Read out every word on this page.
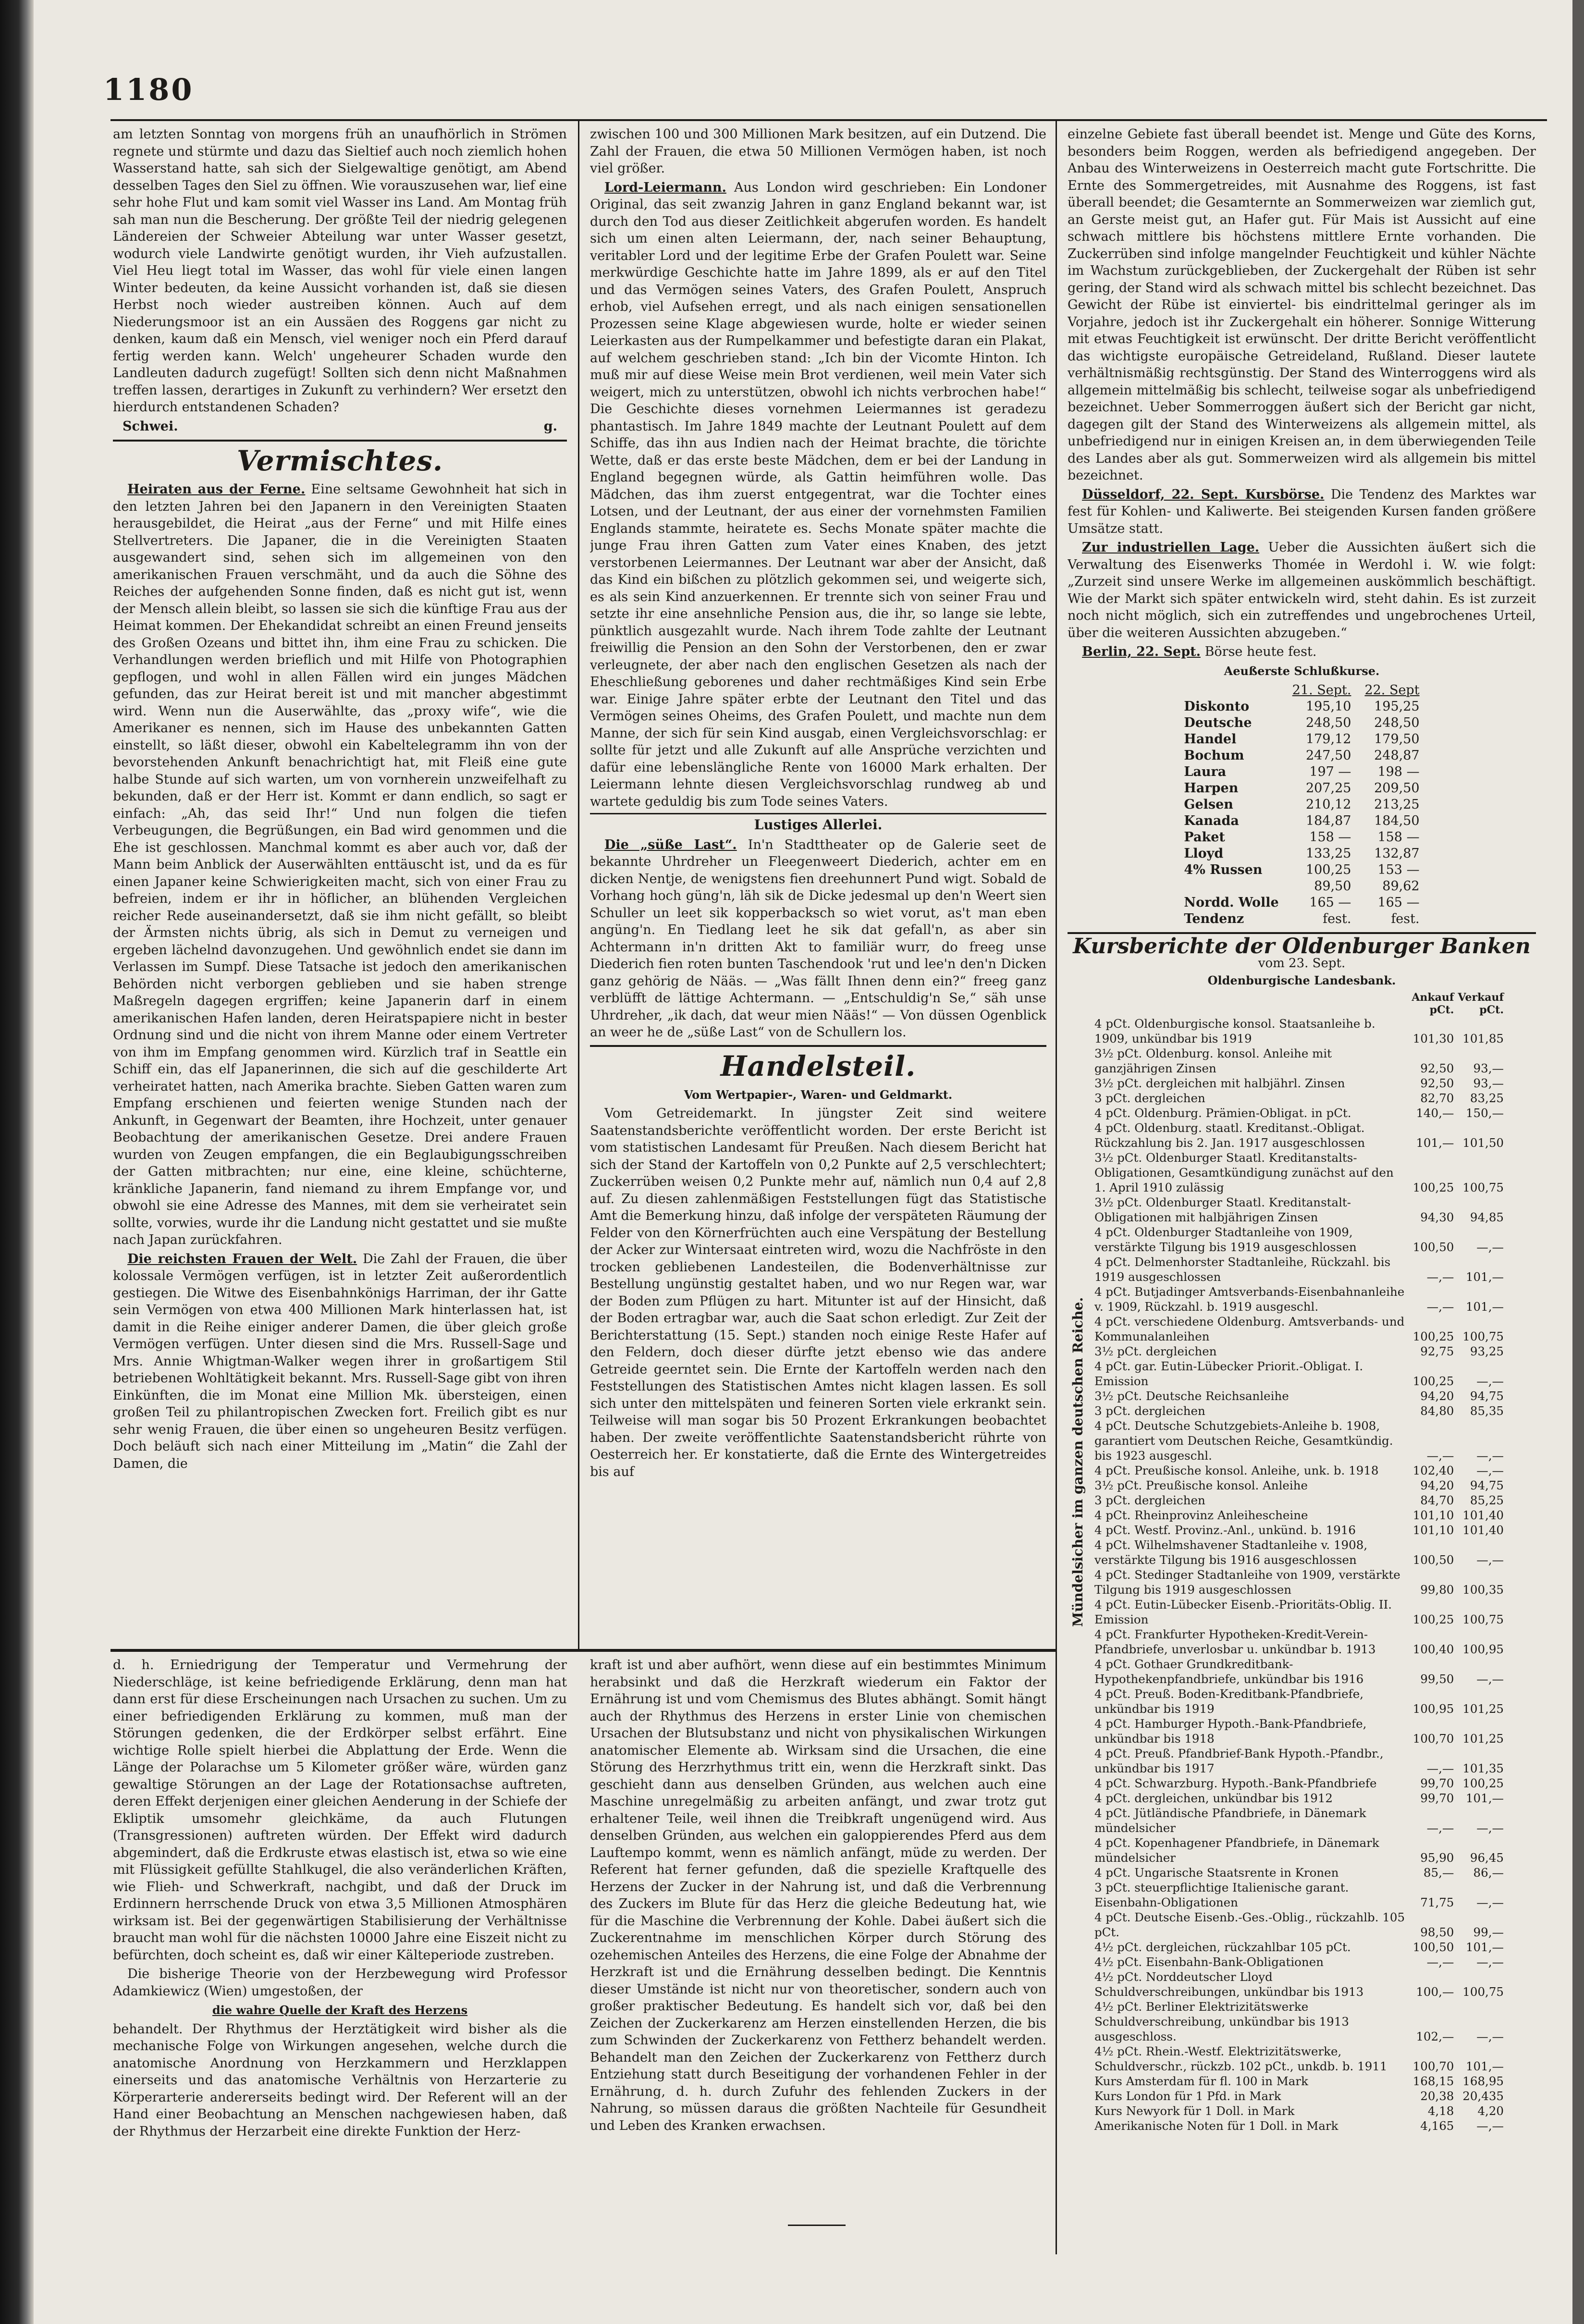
1180

am letzten Sonntag von morgens früh an unaufhörlich in Strömen regnete und stürmte und dazu das Sieltief auch noch ziemlich hohen Wasserstand hatte, sah sich der Sielgewaltige genötigt, am Abend desselben Tages den Siel zu öffnen. Wie vorauszusehen war, lief eine sehr hohe Flut und kam somit viel Wasser ins Land. Am Montag früh sah man nun die Bescherung. Der größte Teil der niedrig gelegenen Ländereien der Schweier Abteilung war unter Wasser gesetzt, wodurch viele Landwirte genötigt wurden, ihr Vieh aufzustallen. Viel Heu liegt total im Wasser, das wohl für viele einen langen Winter bedeuten, da keine Aussicht vorhanden ist, daß sie diesen Herbst noch wieder austreiben können. Auch auf dem Niederungsmoor ist an ein Aussäen des Roggens gar nicht zu denken, kaum daß ein Mensch, viel weniger noch ein Pferd darauf fertig werden kann. Welch' ungeheurer Schaden wurde den Landleuten dadurch zugefügt! Sollten sich denn nicht Maßnahmen treffen lassen, derartiges in Zukunft zu verhindern? Wer ersetzt den hierdurch entstandenen Schaden?

Schwei.	g.
Vermischtes.

Heiraten aus der Ferne. Eine seltsame Gewohnheit hat sich in den letzten Jahren bei den Japanern in den Vereinigten Staaten herausgebildet, die Heirat „aus der Ferne“ und mit Hilfe eines Stellvertreters. Die Japaner, die in die Vereinigten Staaten ausgewandert sind, sehen sich im allgemeinen von den amerikanischen Frauen verschmäht, und da auch die Söhne des Reiches der aufgehenden Sonne finden, daß es nicht gut ist, wenn der Mensch allein bleibt, so lassen sie sich die künftige Frau aus der Heimat kommen. Der Ehekandidat schreibt an einen Freund jenseits des Großen Ozeans und bittet ihn, ihm eine Frau zu schicken. Die Verhandlungen werden brieflich und mit Hilfe von Photographien gepflogen, und wohl in allen Fällen wird ein junges Mädchen gefunden, das zur Heirat bereit ist und mit mancher abgestimmt wird. Wenn nun die Auserwählte, das „proxy wife“, wie die Amerikaner es nennen, sich im Hause des unbekannten Gatten einstellt, so läßt dieser, obwohl ein Kabeltelegramm ihn von der bevorstehenden Ankunft benachrichtigt hat, mit Fleiß eine gute halbe Stunde auf sich warten, um von vornherein unzweifelhaft zu bekunden, daß er der Herr ist. Kommt er dann endlich, so sagt er einfach: „Ah, das seid Ihr!“ Und nun folgen die tiefen Verbeugungen, die Begrüßungen, ein Bad wird genommen und die Ehe ist geschlossen. Manchmal kommt es aber auch vor, daß der Mann beim Anblick der Auserwählten enttäuscht ist, und da es für einen Japaner keine Schwierigkeiten macht, sich von einer Frau zu befreien, indem er ihr in höflicher, an blühenden Vergleichen reicher Rede auseinandersetzt, daß sie ihm nicht gefällt, so bleibt der Ärmsten nichts übrig, als sich in Demut zu verneigen und ergeben lächelnd davonzugehen. Und gewöhnlich endet sie dann im Verlassen im Sumpf. Diese Tatsache ist jedoch den amerikanischen Behörden nicht verborgen geblieben und sie haben strenge Maßregeln dagegen ergriffen; keine Japanerin darf in einem amerikanischen Hafen landen, deren Heiratspapiere nicht in bester Ordnung sind und die nicht von ihrem Manne oder einem Vertreter von ihm im Empfang genommen wird. Kürzlich traf in Seattle ein Schiff ein, das elf Japanerinnen, die sich auf die geschilderte Art verheiratet hatten, nach Amerika brachte. Sieben Gatten waren zum Empfang erschienen und feierten wenige Stunden nach der Ankunft, in Gegenwart der Beamten, ihre Hochzeit, unter genauer Beobachtung der amerikanischen Gesetze. Drei andere Frauen wurden von Zeugen empfangen, die ein Beglaubigungsschreiben der Gatten mitbrachten; nur eine, eine kleine, schüchterne, kränkliche Japanerin, fand niemand zu ihrem Empfange vor, und obwohl sie eine Adresse des Mannes, mit dem sie verheiratet sein sollte, vorwies, wurde ihr die Landung nicht gestattet und sie mußte nach Japan zurückfahren.

Die reichsten Frauen der Welt. Die Zahl der Frauen, die über kolossale Vermögen verfügen, ist in letzter Zeit außerordentlich gestiegen. Die Witwe des Eisenbahnkönigs Harriman, der ihr Gatte sein Vermögen von etwa 400 Millionen Mark hinterlassen hat, ist damit in die Reihe einiger anderer Damen, die über gleich große Vermögen verfügen. Unter diesen sind die Mrs. Russell-Sage und Mrs. Annie Whigtman-Walker wegen ihrer in großartigem Stil betriebenen Wohltätigkeit bekannt. Mrs. Russell-Sage gibt von ihren Einkünften, die im Monat eine Million Mk. übersteigen, einen großen Teil zu philantropischen Zwecken fort. Freilich gibt es nur sehr wenig Frauen, die über einen so ungeheuren Besitz verfügen. Doch beläuft sich nach einer Mitteilung im „Matin“ die Zahl der Damen, die

zwischen 100 und 300 Millionen Mark besitzen, auf ein Dutzend. Die Zahl der Frauen, die etwa 50 Millionen Vermögen haben, ist noch viel größer.

Lord-Leiermann. Aus London wird geschrieben: Ein Londoner Original, das seit zwanzig Jahren in ganz England bekannt war, ist durch den Tod aus dieser Zeitlichkeit abgerufen worden. Es handelt sich um einen alten Leiermann, der, nach seiner Behauptung, veritabler Lord und der legitime Erbe der Grafen Poulett war. Seine merkwürdige Geschichte hatte im Jahre 1899, als er auf den Titel und das Vermögen seines Vaters, des Grafen Poulett, Anspruch erhob, viel Aufsehen erregt, und als nach einigen sensationellen Prozessen seine Klage abgewiesen wurde, holte er wieder seinen Leierkasten aus der Rumpelkammer und befestigte daran ein Plakat, auf welchem geschrieben stand: „Ich bin der Vicomte Hinton. Ich muß mir auf diese Weise mein Brot verdienen, weil mein Vater sich weigert, mich zu unterstützen, obwohl ich nichts verbrochen habe!“ Die Geschichte dieses vornehmen Leiermannes ist geradezu phantastisch. Im Jahre 1849 machte der Leutnant Poulett auf dem Schiffe, das ihn aus Indien nach der Heimat brachte, die törichte Wette, daß er das erste beste Mädchen, dem er bei der Landung in England begegnen würde, als Gattin heimführen wolle. Das Mädchen, das ihm zuerst entgegentrat, war die Tochter eines Lotsen, und der Leutnant, der aus einer der vornehmsten Familien Englands stammte, heiratete es. Sechs Monate später machte die junge Frau ihren Gatten zum Vater eines Knaben, des jetzt verstorbenen Leiermannes. Der Leutnant war aber der Ansicht, daß das Kind ein bißchen zu plötzlich gekommen sei, und weigerte sich, es als sein Kind anzuerkennen. Er trennte sich von seiner Frau und setzte ihr eine ansehnliche Pension aus, die ihr, so lange sie lebte, pünktlich ausgezahlt wurde. Nach ihrem Tode zahlte der Leutnant freiwillig die Pension an den Sohn der Verstorbenen, den er zwar verleugnete, der aber nach den englischen Gesetzen als nach der Eheschließung geborenes und daher rechtmäßiges Kind sein Erbe war. Einige Jahre später erbte der Leutnant den Titel und das Vermögen seines Oheims, des Grafen Poulett, und machte nun dem Manne, der sich für sein Kind ausgab, einen Vergleichsvorschlag: er sollte für jetzt und alle Zukunft auf alle Ansprüche verzichten und dafür eine lebenslängliche Rente von 16000 Mark erhalten. Der Leiermann lehnte diesen Vergleichsvorschlag rundweg ab und wartete geduldig bis zum Tode seines Vaters.

Lustiges Allerlei.

Die „süße Last“. In'n Stadttheater op de Galerie seet de bekannte Uhrdreher un Fleegenweert Diederich, achter em en dicken Nentje, de wenigstens fien dreehunnert Pund wigt. Sobald de Vorhang hoch güng'n, läh sik de Dicke jedesmal up den'n Weert sien Schuller un leet sik kopperbacksch so wiet vorut, as't man eben angüng'n. En Tiedlang leet he sik dat gefall'n, as aber sin Achtermann in'n dritten Akt to familiär wurr, do freeg unse Diederich fien roten bunten Taschendook 'rut und lee'n den'n Dicken ganz gehörig de Nääs. — „Was fällt Ihnen denn ein?“ freeg ganz verblüfft de lättige Achtermann. — „Entschuldig'n Se,“ säh unse Uhrdreher, „ik dach, dat weur mien Nääs!“ — Von düssen Ogenblick an weer he de „süße Last“ von de Schullern los.

Handelsteil.
Vom Wertpapier-, Waren- und Geldmarkt.

Vom Getreidemarkt. In jüngster Zeit sind weitere Saatenstandsberichte veröffentlicht worden. Der erste Bericht ist vom statistischen Landesamt für Preußen. Nach diesem Bericht hat sich der Stand der Kartoffeln von 0,2 Punkte auf 2,5 verschlechtert; Zuckerrüben weisen 0,2 Punkte mehr auf, nämlich nun 0,4 auf 2,8 auf. Zu diesen zahlenmäßigen Feststellungen fügt das Statistische Amt die Bemerkung hinzu, daß infolge der verspäteten Räumung der Felder von den Körnerfrüchten auch eine Verspätung der Bestellung der Acker zur Wintersaat eintreten wird, wozu die Nachfröste in den trocken gebliebenen Landesteilen, die Bodenverhältnisse zur Bestellung ungünstig gestaltet haben, und wo nur Regen war, war der Boden zum Pflügen zu hart. Mitunter ist auf der Hinsicht, daß der Boden ertragbar war, auch die Saat schon erledigt. Zur Zeit der Berichterstattung (15. Sept.) standen noch einige Reste Hafer auf den Feldern, doch dieser dürfte jetzt ebenso wie das andere Getreide geerntet sein. Die Ernte der Kartoffeln werden nach den Feststellungen des Statistischen Amtes nicht klagen lassen. Es soll sich unter den mittelspäten und feineren Sorten viele erkrankt sein. Teilweise will man sogar bis 50 Prozent Erkrankungen beobachtet haben. Der zweite veröffentlichte Saatenstandsbericht rührte von Oesterreich her. Er konstatierte, daß die Ernte des Wintergetreides bis auf

einzelne Gebiete fast überall beendet ist. Menge und Güte des Korns, besonders beim Roggen, werden als befriedigend angegeben. Der Anbau des Winterweizens in Oesterreich macht gute Fortschritte. Die Ernte des Sommergetreides, mit Ausnahme des Roggens, ist fast überall beendet; die Gesamternte an Sommerweizen war ziemlich gut, an Gerste meist gut, an Hafer gut. Für Mais ist Aussicht auf eine schwach mittlere bis höchstens mittlere Ernte vorhanden. Die Zuckerrüben sind infolge mangelnder Feuchtigkeit und kühler Nächte im Wachstum zurückgeblieben, der Zuckergehalt der Rüben ist sehr gering, der Stand wird als schwach mittel bis schlecht bezeichnet. Das Gewicht der Rübe ist einviertel- bis eindrittelmal geringer als im Vorjahre, jedoch ist ihr Zuckergehalt ein höherer. Sonnige Witterung mit etwas Feuchtigkeit ist erwünscht. Der dritte Bericht veröffentlicht das wichtigste europäische Getreideland, Rußland. Dieser lautete verhältnismäßig rechtsgünstig. Der Stand des Winterroggens wird als allgemein mittelmäßig bis schlecht, teilweise sogar als unbefriedigend bezeichnet. Ueber Sommerroggen äußert sich der Bericht gar nicht, dagegen gilt der Stand des Winterweizens als allgemein mittel, als unbefriedigend nur in einigen Kreisen an, in dem überwiegenden Teile des Landes aber als gut. Sommerweizen wird als allgemein bis mittel bezeichnet.

Düsseldorf, 22. Sept. Kursbörse. Die Tendenz des Marktes war fest für Kohlen- und Kaliwerte. Bei steigenden Kursen fanden größere Umsätze statt.

Zur industriellen Lage. Ueber die Aussichten äußert sich die Verwaltung des Eisenwerks Thomée in Werdohl i. W. wie folgt: „Zurzeit sind unsere Werke im allgemeinen auskömmlich beschäftigt. Wie der Markt sich später entwickeln wird, steht dahin. Es ist zurzeit noch nicht möglich, sich ein zutreffendes und ungebrochenes Urteil, über die weiteren Aussichten abzugeben.“

Berlin, 22. Sept. Börse heute fest.

Aeußerste Schlußkurse.
	21. Sept.	22. Sept
Diskonto	195,10	195,25
Deutsche	248,50	248,50
Handel	179,12	179,50
Bochum	247,50	248,87
Laura	197 —	198 —
Harpen	207,25	209,50
Gelsen	210,12	213,25
Kanada	184,87	184,50
Paket	158 —	158 —
Lloyd	133,25	132,87
4% Russen	100,25	153 —
	89,50	89,62
Nordd. Wolle	165 —	165 —
Tendenz	fest.	fest.
Kursberichte der Oldenburger Banken
vom 23. Sept.
Oldenburgische Landesbank.
Mündelsicher im ganzen deutschen Reiche.
	Ankauf pCt.	Verkauf pCt.
4 pCt. Oldenburgische konsol. Staatsanleihe b. 1909, unkündbar bis 1919	101,30	101,85
3½ pCt. Oldenburg. konsol. Anleihe mit ganzjährigen Zinsen	92,50	93,—
3½ pCt. dergleichen mit halbjährl. Zinsen	92,50	93,—
3 pCt. dergleichen	82,70	83,25
4 pCt. Oldenburg. Prämien-Obligat. in pCt.	140,—	150,—
4 pCt. Oldenburg. staatl. Kreditanst.-Obligat. Rückzahlung bis 2. Jan. 1917 ausgeschlossen	101,—	101,50
3½ pCt. Oldenburger Staatl. Kreditanstalts-Obligationen, Gesamtkündigung zunächst auf den 1. April 1910 zulässig	100,25	100,75
3½ pCt. Oldenburger Staatl. Kreditanstalt-Obligationen mit halbjährigen Zinsen	94,30	94,85
4 pCt. Oldenburger Stadtanleihe von 1909, verstärkte Tilgung bis 1919 ausgeschlossen	100,50	—,—
4 pCt. Delmenhorster Stadtanleihe, Rückzahl. bis 1919 ausgeschlossen	—,—	101,—
4 pCt. Butjadinger Amtsverbands-Eisenbahnanleihe v. 1909, Rückzahl. b. 1919 ausgeschl.	—,—	101,—
4 pCt. verschiedene Oldenburg. Amtsverbands- und Kommunalanleihen	100,25	100,75
3½ pCt. dergleichen	92,75	93,25
4 pCt. gar. Eutin-Lübecker Priorit.-Obligat. I. Emission	100,25	—,—
3½ pCt. Deutsche Reichsanleihe	94,20	94,75
3 pCt. dergleichen	84,80	85,35
4 pCt. Deutsche Schutzgebiets-Anleihe b. 1908, garantiert vom Deutschen Reiche, Gesamtkündig. bis 1923 ausgeschl.	—,—	—,—
4 pCt. Preußische konsol. Anleihe, unk. b. 1918	102,40	—,—
3½ pCt. Preußische konsol. Anleihe	94,20	94,75
3 pCt. dergleichen	84,70	85,25
4 pCt. Rheinprovinz Anleihescheine	101,10	101,40
4 pCt. Westf. Provinz.-Anl., unkünd. b. 1916	101,10	101,40
4 pCt. Wilhelmshavener Stadtanleihe v. 1908, verstärkte Tilgung bis 1916 ausgeschlossen	100,50	—,—
4 pCt. Stedinger Stadtanleihe von 1909, verstärkte Tilgung bis 1919 ausgeschlossen	99,80	100,35
4 pCt. Eutin-Lübecker Eisenb.-Prioritäts-Oblig. II. Emission	100,25	100,75
4 pCt. Frankfurter Hypotheken-Kredit-Verein-Pfandbriefe, unverlosbar u. unkündbar b. 1913	100,40	100,95
4 pCt. Gothaer Grundkreditbank-Hypothekenpfandbriefe, unkündbar bis 1916	99,50	—,—
4 pCt. Preuß. Boden-Kreditbank-Pfandbriefe, unkündbar bis 1919	100,95	101,25
4 pCt. Hamburger Hypoth.-Bank-Pfandbriefe, unkündbar bis 1918	100,70	101,25
4 pCt. Preuß. Pfandbrief-Bank Hypoth.-Pfandbr., unkündbar bis 1917	—,—	101,35
4 pCt. Schwarzburg. Hypoth.-Bank-Pfandbriefe	99,70	100,25
4 pCt. dergleichen, unkündbar bis 1912	99,70	101,—
4 pCt. Jütländische Pfandbriefe, in Dänemark mündelsicher	—,—	—,—
4 pCt. Kopenhagener Pfandbriefe, in Dänemark mündelsicher	95,90	96,45
4 pCt. Ungarische Staatsrente in Kronen	85,—	86,—
3 pCt. steuerpflichtige Italienische garant. Eisenbahn-Obligationen	71,75	—,—
4 pCt. Deutsche Eisenb.-Ges.-Oblig., rückzahlb. 105 pCt.	98,50	99,—
4½ pCt. dergleichen, rückzahlbar 105 pCt.	100,50	101,—
4½ pCt. Eisenbahn-Bank-Obligationen	—,—	—,—
4½ pCt. Norddeutscher Lloyd Schuldverschreibungen, unkündbar bis 1913	100,—	100,75
4½ pCt. Berliner Elektrizitätswerke Schuldverschreibung, unkündbar bis 1913 ausgeschloss.	102,—	—,—
4½ pCt. Rhein.-Westf. Elektrizitätswerke, Schuldverschr., rückzb. 102 pCt., unkdb. b. 1911	100,70	101,—
Kurs Amsterdam für fl. 100 in Mark	168,15	168,95
Kurs London für 1 Pfd. in Mark	20,38	20,435
Kurs Newyork für 1 Doll. in Mark	4,18	4,20
Amerikanische Noten für 1 Doll. in Mark	4,165	—,—

d. h. Erniedrigung der Temperatur und Vermehrung der Niederschläge, ist keine befriedigende Erklärung, denn man hat dann erst für diese Erscheinungen nach Ursachen zu suchen. Um zu einer befriedigenden Erklärung zu kommen, muß man der Störungen gedenken, die der Erdkörper selbst erfährt. Eine wichtige Rolle spielt hierbei die Abplattung der Erde. Wenn die Länge der Polarachse um 5 Kilometer größer wäre, würden ganz gewaltige Störungen an der Lage der Rotationsachse auftreten, deren Effekt derjenigen einer gleichen Aenderung in der Schiefe der Ekliptik umsomehr gleichkäme, da auch Flutungen (Transgressionen) auftreten würden. Der Effekt wird dadurch abgemindert, daß die Erdkruste etwas elastisch ist, etwa so wie eine mit Flüssigkeit gefüllte Stahlkugel, die also veränderlichen Kräften, wie Flieh- und Schwerkraft, nachgibt, und daß der Druck im Erdinnern herrschende Druck von etwa 3,5 Millionen Atmosphären wirksam ist. Bei der gegenwärtigen Stabilisierung der Verhältnisse braucht man wohl für die nächsten 10000 Jahre eine Eiszeit nicht zu befürchten, doch scheint es, daß wir einer Kälteperiode zustreben.

Die bisherige Theorie von der Herzbewegung wird Professor Adamkiewicz (Wien) umgestoßen, der

die wahre Quelle der Kraft des Herzens

behandelt. Der Rhythmus der Herztätigkeit wird bisher als die mechanische Folge von Wirkungen angesehen, welche durch die anatomische Anordnung von Herzkammern und Herzklappen einerseits und das anatomische Verhältnis von Herzarterie zu Körperarterie andererseits bedingt wird. Der Referent will an der Hand einer Beobachtung an Menschen nachgewiesen haben, daß der Rhythmus der Herzarbeit eine direkte Funktion der Herz-

kraft ist und aber aufhört, wenn diese auf ein bestimmtes Minimum herabsinkt und daß die Herzkraft wiederum ein Faktor der Ernährung ist und vom Chemismus des Blutes abhängt. Somit hängt auch der Rhythmus des Herzens in erster Linie von chemischen Ursachen der Blutsubstanz und nicht von physikalischen Wirkungen anatomischer Elemente ab. Wirksam sind die Ursachen, die eine Störung des Herzrhythmus tritt ein, wenn die Herzkraft sinkt. Das geschieht dann aus denselben Gründen, aus welchen auch eine Maschine unregelmäßig zu arbeiten anfängt, und zwar trotz gut erhaltener Teile, weil ihnen die Treibkraft ungenügend wird. Aus denselben Gründen, aus welchen ein galoppierendes Pferd aus dem Lauftempo kommt, wenn es nämlich anfängt, müde zu werden. Der Referent hat ferner gefunden, daß die spezielle Kraftquelle des Herzens der Zucker in der Nahrung ist, und daß die Verbrennung des Zuckers im Blute für das Herz die gleiche Bedeutung hat, wie für die Maschine die Verbrennung der Kohle. Dabei äußert sich die Zuckerentnahme im menschlichen Körper durch Störung des ozehemischen Anteiles des Herzens, die eine Folge der Abnahme der Herzkraft ist und die Ernährung desselben bedingt. Die Kenntnis dieser Umstände ist nicht nur von theoretischer, sondern auch von großer praktischer Bedeutung. Es handelt sich vor, daß bei den Zeichen der Zuckerkarenz am Herzen einstellenden Herzen, die bis zum Schwinden der Zuckerkarenz von Fettherz behandelt werden. Behandelt man den Zeichen der Zuckerkarenz von Fettherz durch Entziehung statt durch Beseitigung der vorhandenen Fehler in der Ernährung, d. h. durch Zufuhr des fehlenden Zuckers in der Nahrung, so müssen daraus die größten Nachteile für Gesundheit und Leben des Kranken erwachsen.
